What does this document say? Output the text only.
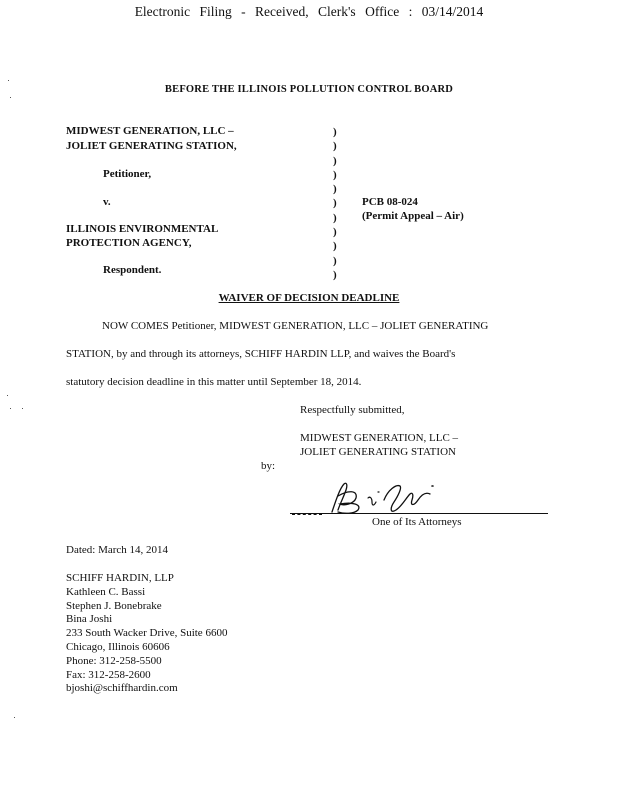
Electronic Filing - Received, Clerk's Office : 03/14/2014
BEFORE THE ILLINOIS POLLUTION CONTROL BOARD
MIDWEST GENERATION, LLC –
JOLIET GENERATING STATION,
Petitioner,
v.
ILLINOIS ENVIRONMENTAL
PROTECTION AGENCY,
Respondent.
)
)
)
)
)
)
)
)
)
)
)
PCB 08-024
(Permit Appeal – Air)
WAIVER OF DECISION DEADLINE
NOW COMES Petitioner, MIDWEST GENERATION, LLC – JOLIET GENERATING
STATION, by and through its attorneys, SCHIFF HARDIN LLP, and waives the Board's
statutory decision deadline in this matter until September 18, 2014.
Respectfully submitted,
MIDWEST GENERATION, LLC –
JOLIET GENERATING STATION
by:
One of Its Attorneys
Dated: March 14, 2014
SCHIFF HARDIN, LLP
Kathleen C. Bassi
Stephen J. Bonebrake
Bina Joshi
233 South Wacker Drive, Suite 6600
Chicago, Illinois 60606
Phone: 312-258-5500
Fax: 312-258-2600
bjoshi@schiffhardin.com
